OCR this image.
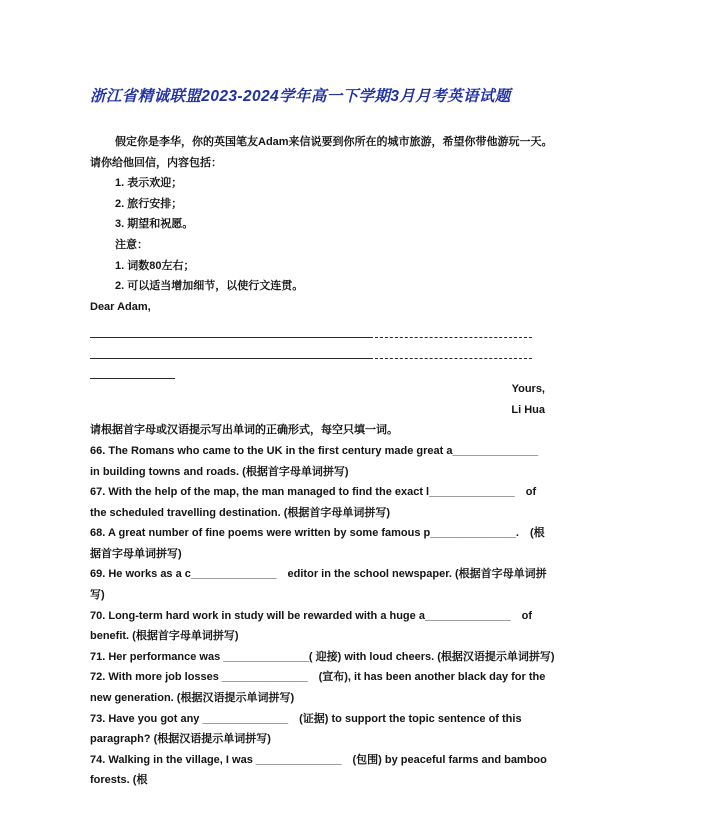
浙江省精诚联盟2023-2024学年高一下学期3月月考英语试题

假定你是李华，你的英国笔友Adam来信说要到你所在的城市旅游，希望你带他游玩一天。请你给他回信，内容包括：

1. 表示欢迎；

2. 旅行安排；

3. 期望和祝愿。

注意：

1. 词数80左右；

2. 可以适当增加细节，以使行文连贯。

Dear Adam,

Yours,

Li Hua

请根据首字母或汉语提示写出单词的正确形式，每空只填一词。

66. The Romans who came to the UK in the first century made great a______________　in building towns and roads. (根据首字母单词拼写)

67. With the help of the map, the man managed to find the exact l______________　of the scheduled travelling destination. (根据首字母单词拼写)

68. A great number of fine poems were written by some famous p______________.　(根据首字母单词拼写)

69. He works as a c______________　editor in the school newspaper. (根据首字母单词拼写)

70. Long-term hard work in study will be rewarded with a huge a______________　of benefit. (根据首字母单词拼写)

71. Her performance was ______________( 迎接) with loud cheers. (根据汉语提示单词拼写)

72. With more job losses ______________　(宣布), it has been another black day for the new generation. (根据汉语提示单词拼写)

73. Have you got any ______________　(证据) to support the topic sentence of this paragraph? (根据汉语提示单词拼写)

74. Walking in the village, I was ______________　(包围) by peaceful farms and bamboo forests. (根
